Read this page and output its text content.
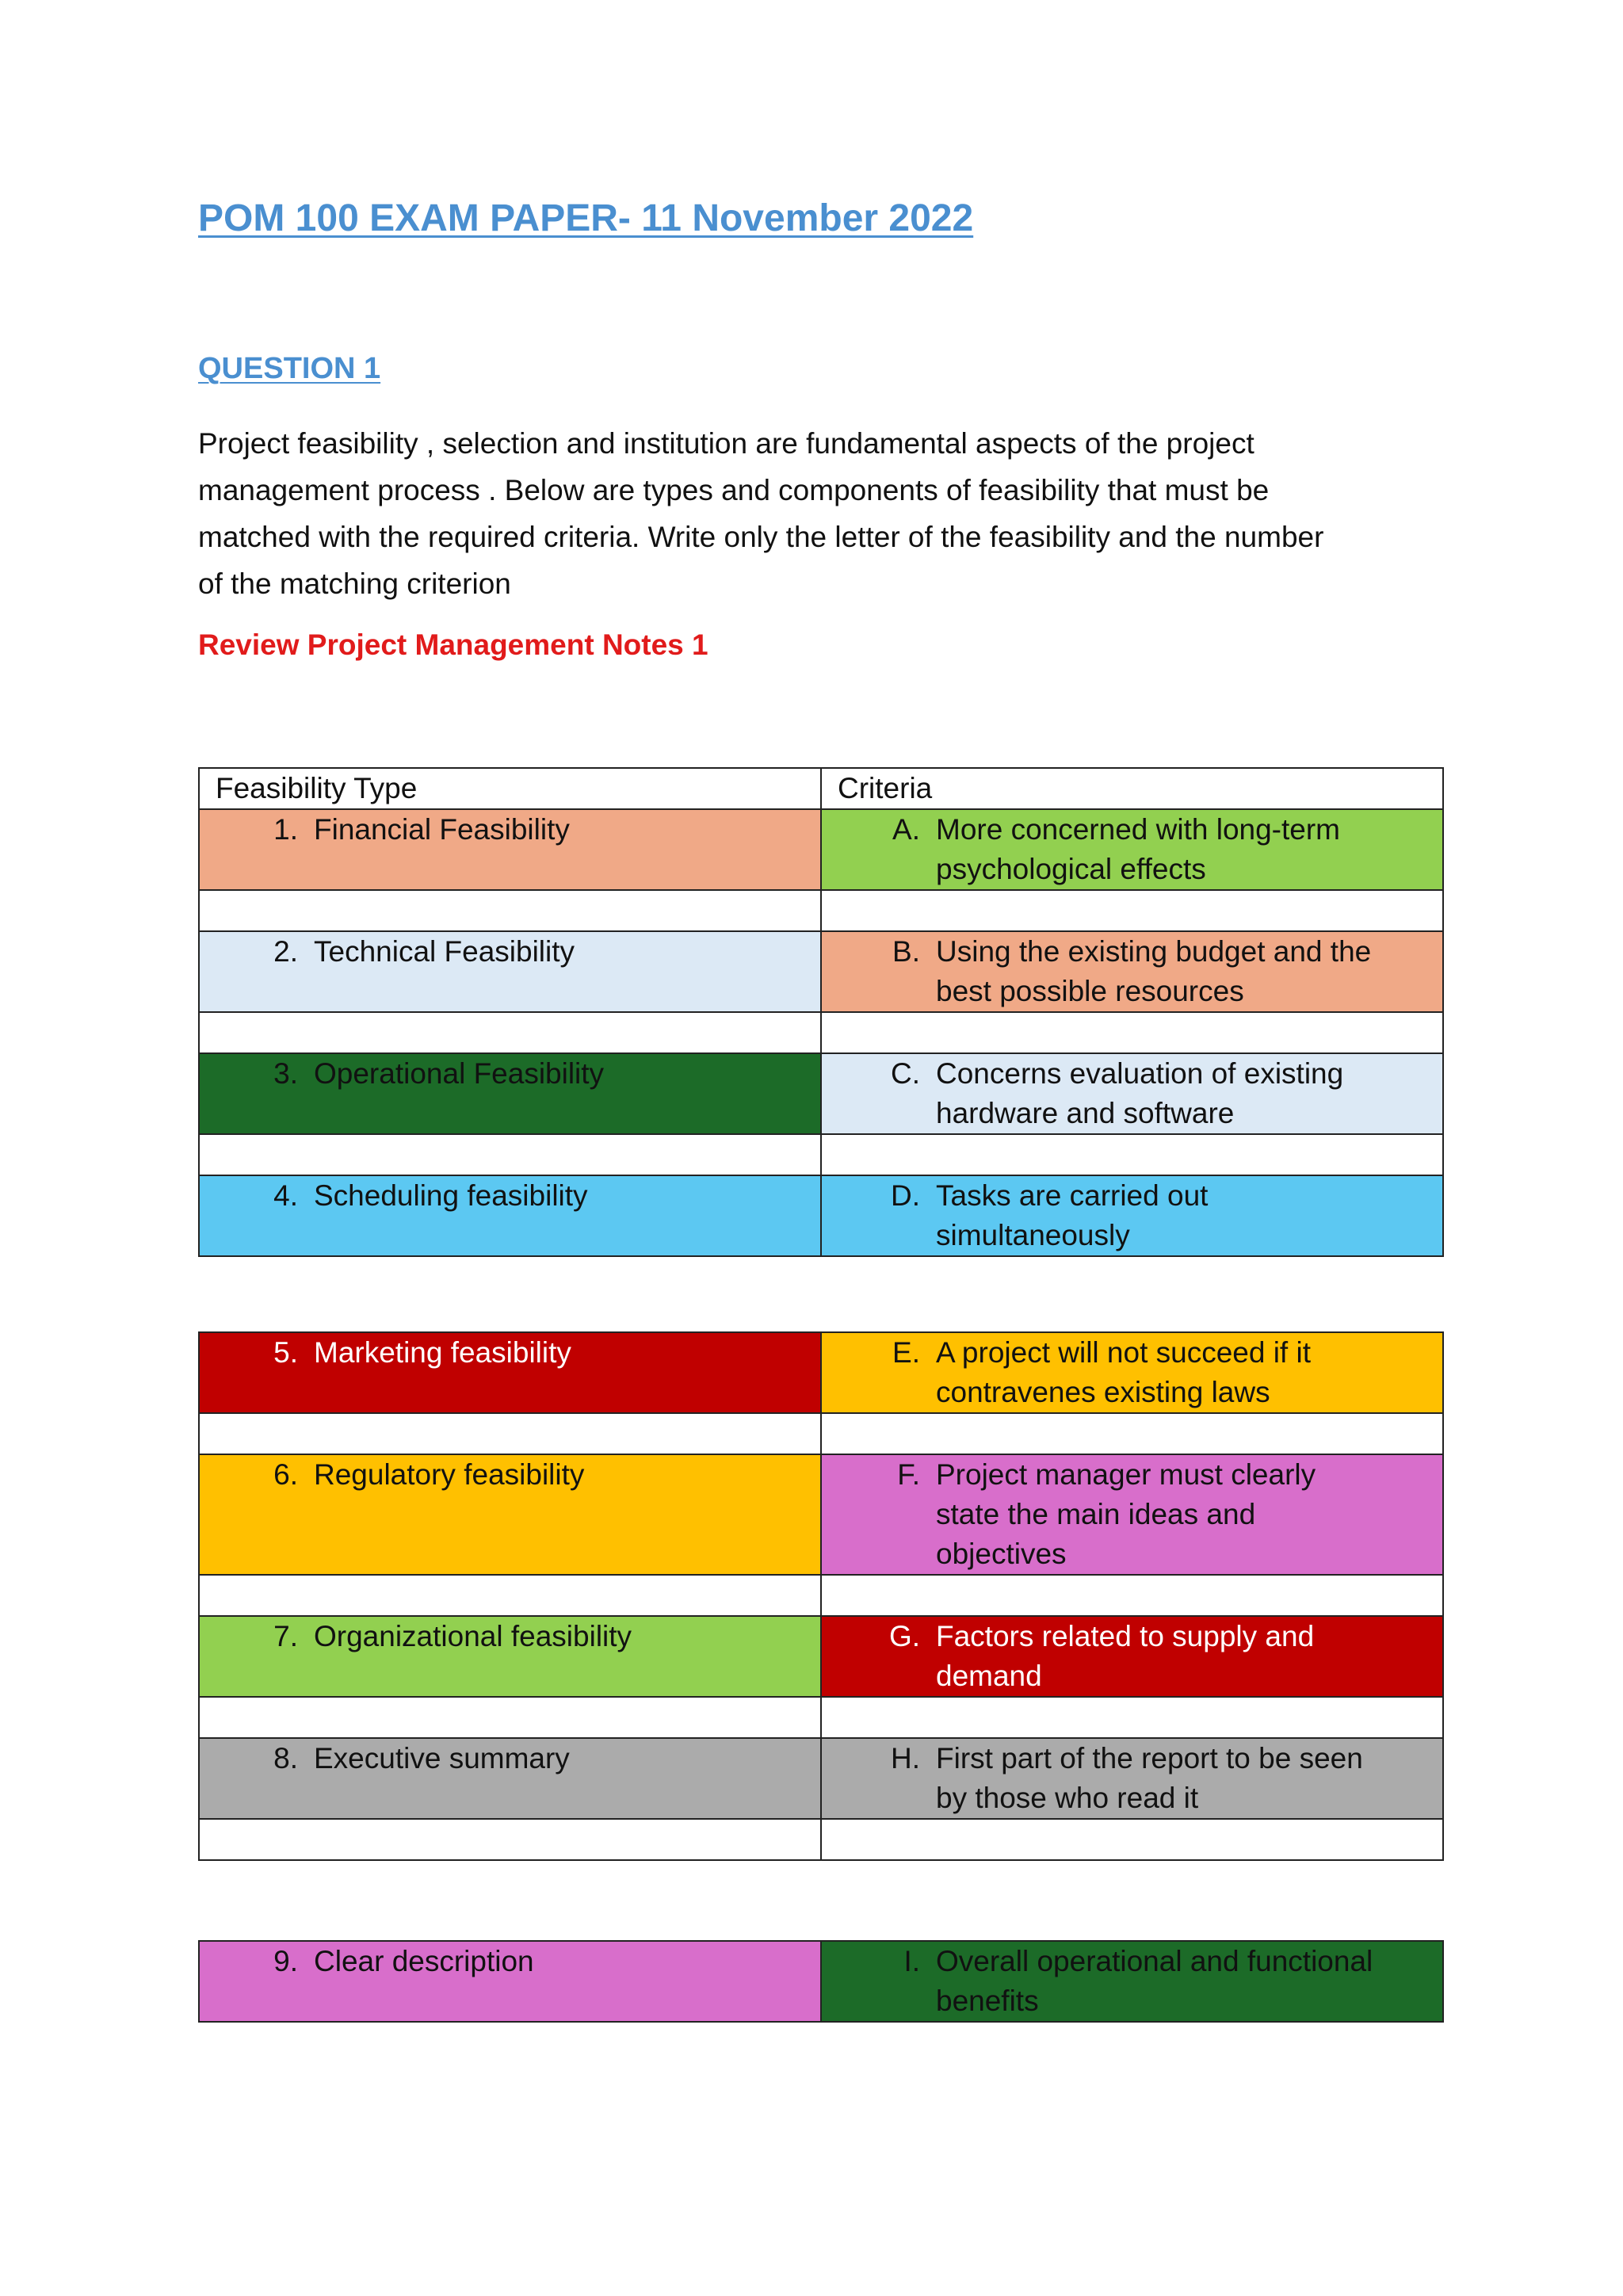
POM 100 EXAM PAPER- 11 November 2022
QUESTION 1
Project feasibility , selection and institution are fundamental aspects of the project
management process . Below are types and components of feasibility that must be
matched with the required criteria. Write only the letter of the feasibility and the number
of the matching criterion
Review Project Management Notes 1
Feasibility Type	Criteria

1. Financial Feasibility	A. More concerned with long-term
psychological effects

2. Technical Feasibility	B. Using the existing budget and the
best possible resources

3. Operational Feasibility	C. Concerns evaluation of existing
hardware and software

4. Scheduling feasibility	D. Tasks are carried out
simultaneously
5. Marketing feasibility	E. A project will not succeed if it
contravenes existing laws

6. Regulatory feasibility	F. Project manager must clearly
state the main ideas and
objectives

7. Organizational feasibility	G. Factors related to supply and
demand

8. Executive summary	H. First part of the report to be seen
by those who read it

9. Clear description	I. Overall operational and functional
benefits
